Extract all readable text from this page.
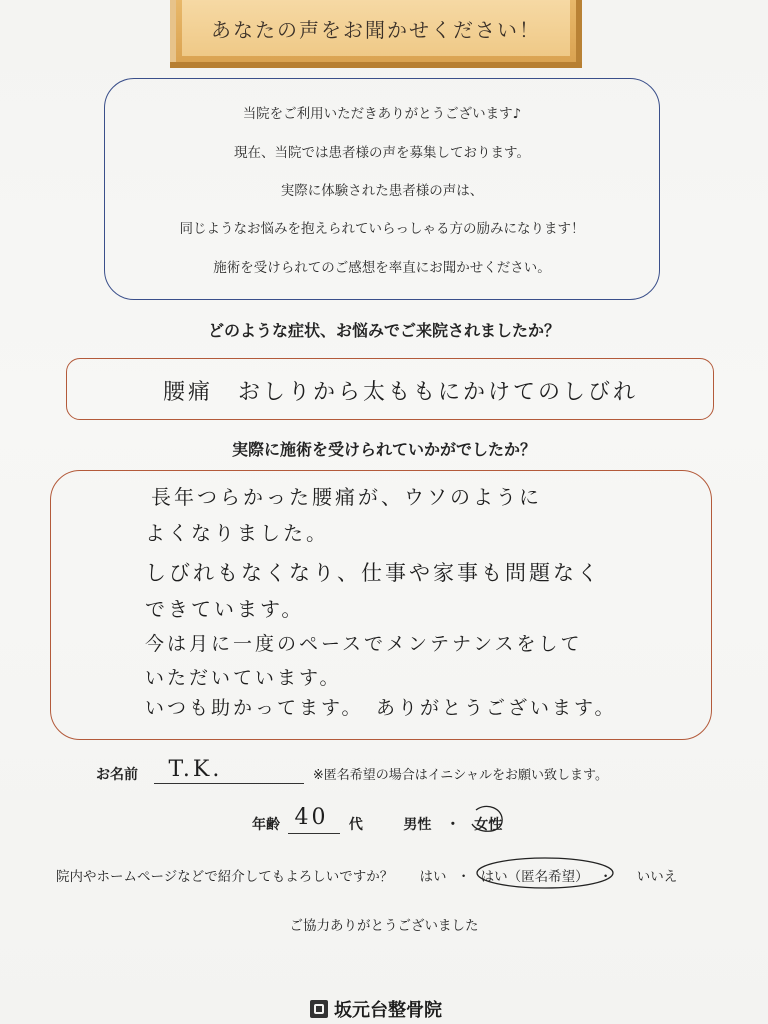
あなたの声をお聞かせください！
当院をご利用いただきありがとうございます♪
現在、当院では患者様の声を募集しております。
実際に体験された患者様の声は、
同じようなお悩みを抱えられていらっしゃる方の励みになります！
施術を受けられてのご感想を率直にお聞かせください。
どのような症状、お悩みでご来院されましたか？
腰痛　おしりから太ももにかけてのしびれ
実際に施術を受けられていかがでしたか？
長年つらかった腰痛が、ウソのように
よくなりました。
しびれもなくなり、仕事や家事も問題なく
できています。
今は月に一度のペースでメンテナンスをして
いただいています。
いつも助かってます。　ありがとうございます。
お名前 T.K.	※匿名希望の場合はイニシャルをお願い致します。
年齢 40 代	男性 ・ 女性
院内やホームページなどで紹介してもよろしいですか？ はい ・ はい（匿名希望） ・ いいえ
ご協力ありがとうございました
坂元台整骨院
